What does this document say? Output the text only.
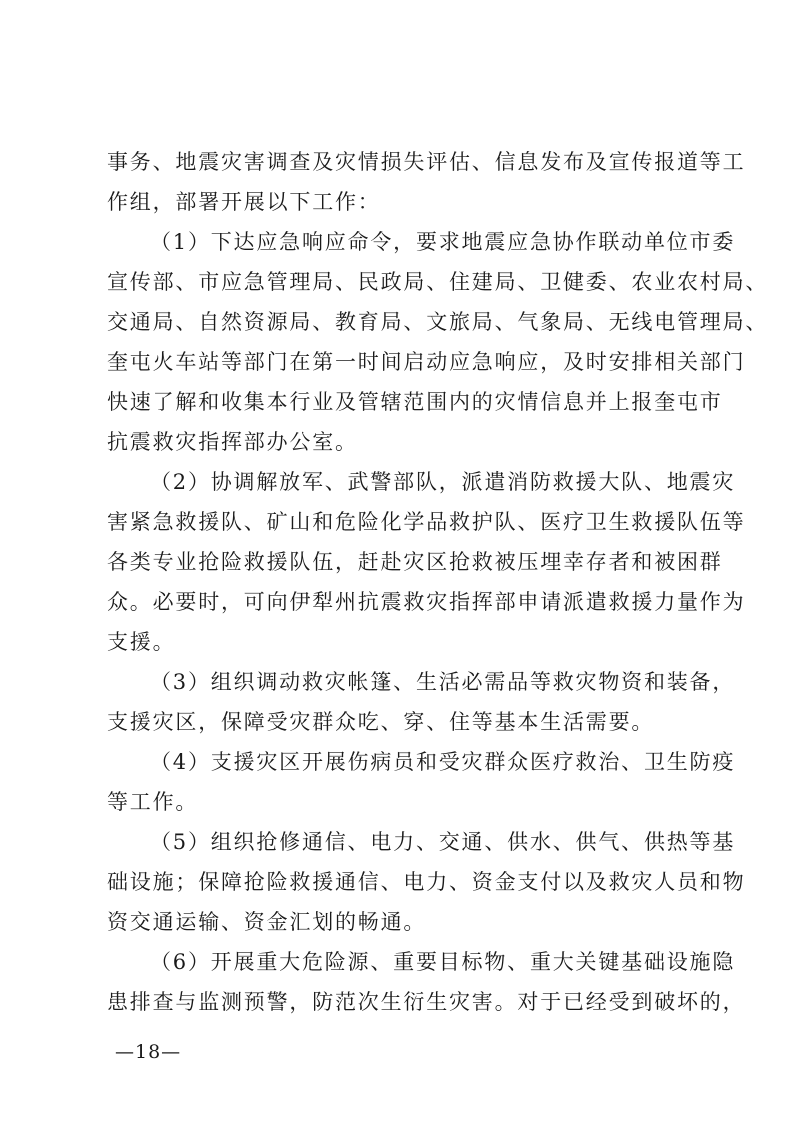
事务、地震灾害调查及灾情损失评估、信息发布及宣传报道等工
作组，部署开展以下工作：
（1）下达应急响应命令，要求地震应急协作联动单位市委
宣传部、市应急管理局、民政局、住建局、卫健委、农业农村局、
交通局、自然资源局、教育局、文旅局、气象局、无线电管理局、
奎屯火车站等部门在第一时间启动应急响应，及时安排相关部门
快速了解和收集本行业及管辖范围内的灾情信息并上报奎屯市
抗震救灾指挥部办公室。
（2）协调解放军、武警部队，派遣消防救援大队、地震灾
害紧急救援队、矿山和危险化学品救护队、医疗卫生救援队伍等
各类专业抢险救援队伍，赶赴灾区抢救被压埋幸存者和被困群
众。必要时，可向伊犁州抗震救灾指挥部申请派遣救援力量作为
支援。
（3）组织调动救灾帐篷、生活必需品等救灾物资和装备，
支援灾区，保障受灾群众吃、穿、住等基本生活需要。
（4）支援灾区开展伤病员和受灾群众医疗救治、卫生防疫
等工作。
（5）组织抢修通信、电力、交通、供水、供气、供热等基
础设施；保障抢险救援通信、电力、资金支付以及救灾人员和物
资交通运输、资金汇划的畅通。
（6）开展重大危险源、重要目标物、重大关键基础设施隐
患排查与监测预警，防范次生衍生灾害。对于已经受到破坏的，
—18—
